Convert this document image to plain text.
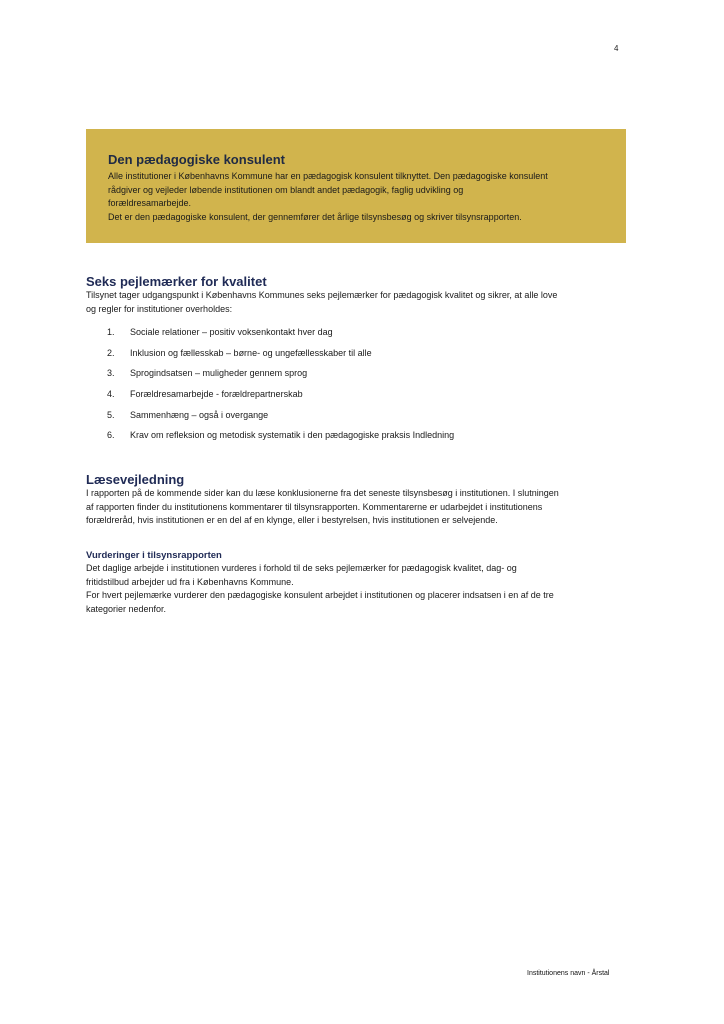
4
Den pædagogiske konsulent

Alle institutioner i Københavns Kommune har en pædagogisk konsulent tilknyttet. Den pædagogiske konsulent

rådgiver og vejleder løbende institutionen om blandt andet pædagogik, faglig udvikling og

forældresamarbejde.

Det er den pædagogiske konsulent, der gennemfører det årlige tilsynsbesøg og skriver tilsynsrapporten.

Seks pejlemærker for kvalitet

Tilsynet tager udgangspunkt i Københavns Kommunes seks pejlemærker for pædagogisk kvalitet og sikrer, at alle love

og regler for institutioner overholdes:

1.	Sociale relationer – positiv voksenkontakt hver dag
2.	Inklusion og fællesskab – børne- og ungefællesskaber til alle
3.	Sprogindsatsen – muligheder gennem sprog
4.	Forældresamarbejde - forældrepartnerskab
5.	Sammenhæng – også i overgange
6.	Krav om refleksion og metodisk systematik i den pædagogiske praksis Indledning
Læsevejledning

I rapporten på de kommende sider kan du læse konklusionerne fra det seneste tilsynsbesøg i institutionen. I slutningen

af rapporten finder du institutionens kommentarer til tilsynsrapporten. Kommentarerne er udarbejdet i institutionens

forældreråd, hvis institutionen er en del af en klynge, eller i bestyrelsen, hvis institutionen er selvejende.

Vurderinger i tilsynsrapporten

Det daglige arbejde i institutionen vurderes i forhold til de seks pejlemærker for pædagogisk kvalitet, dag- og

fritidstilbud arbejder ud fra i Københavns Kommune.

For hvert pejlemærke vurderer den pædagogiske konsulent arbejdet i institutionen og placerer indsatsen i en af de tre

kategorier nedenfor.

Institutionens navn - Årstal
